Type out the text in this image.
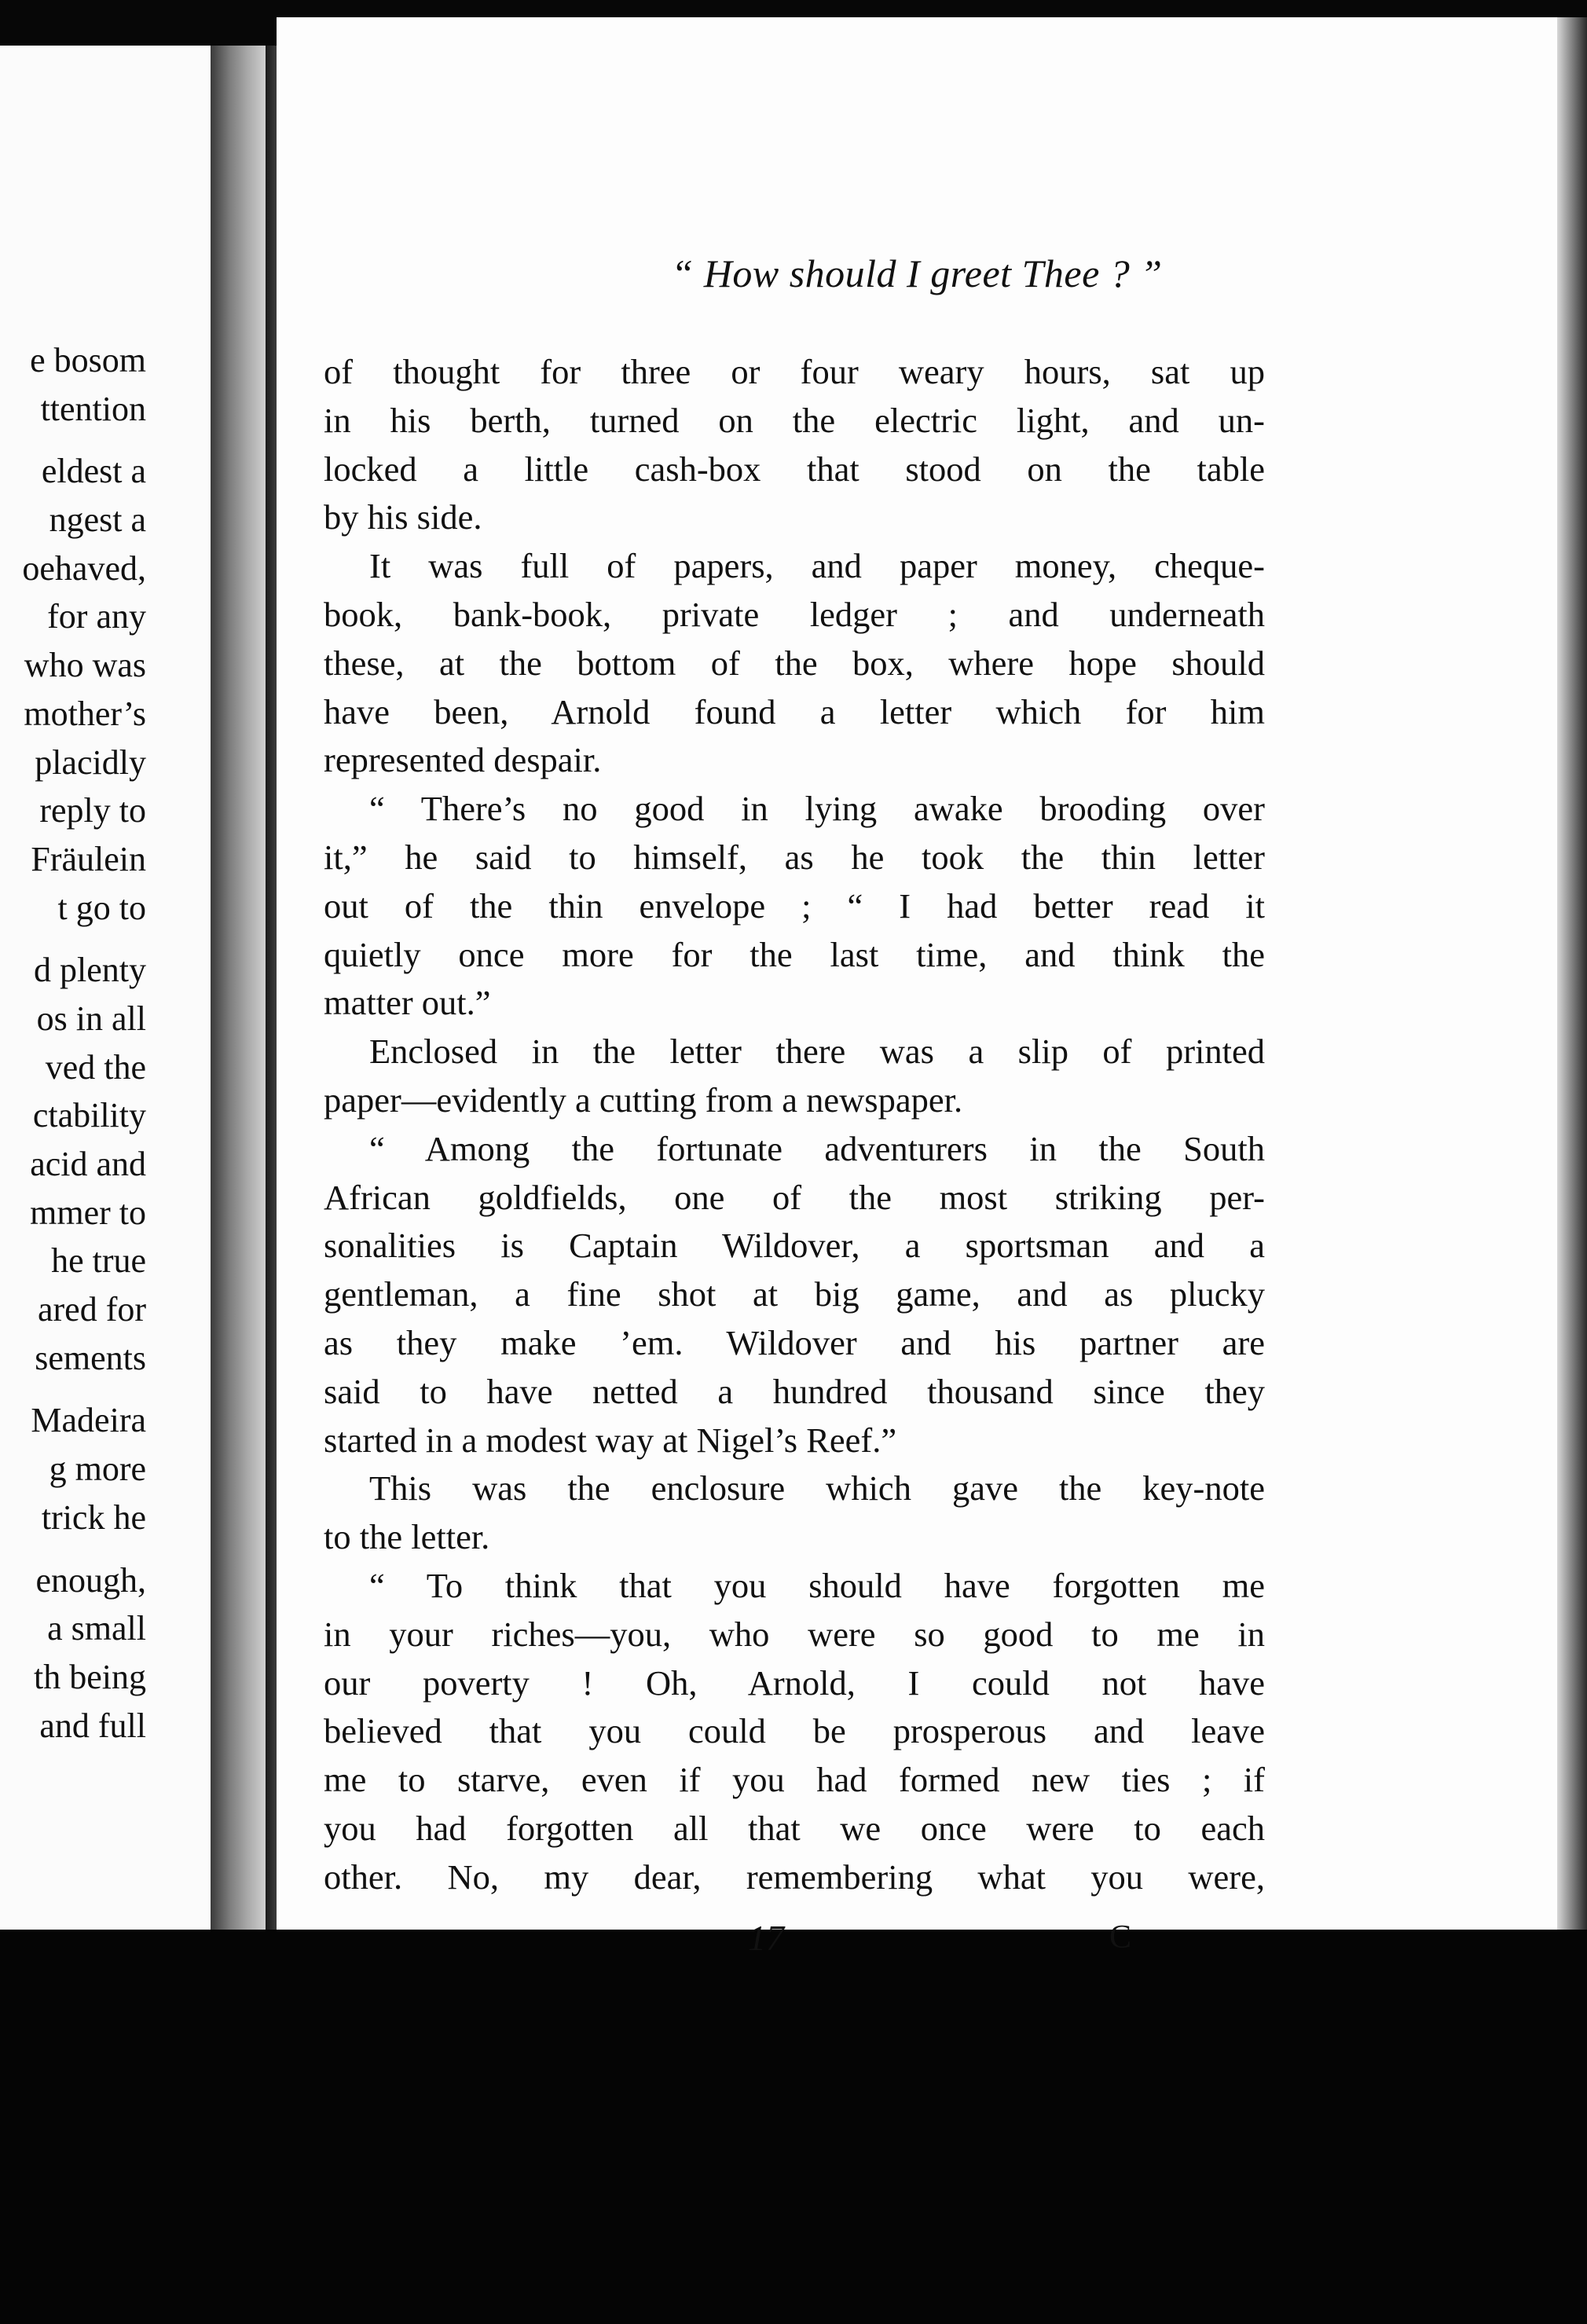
e bosom
ttention
eldest a
ngest a
oehaved,
for any
who was
mother’s
placidly
reply to
Fräulein
t go to
d plenty
os in all
ved the
ctability
acid and
mmer to
he true
ared for
sements
Madeira
g more
trick he
enough,
a small
th being
and full
“ How should I greet Thee ? ”
of thought for three or four weary hours, sat up
in his berth, turned on the electric light, and un-
locked a little cash-box that stood on the table
by his side.
It was full of papers, and paper money, cheque-
book, bank-book, private ledger ; and underneath
these, at the bottom of the box, where hope should
have been, Arnold found a letter which for him
represented despair.
“ There’s no good in lying awake brooding over
it,” he said to himself, as he took the thin letter
out of the thin envelope ; “ I had better read it
quietly once more for the last time, and think the
matter out.”
Enclosed in the letter there was a slip of printed
paper—evidently a cutting from a newspaper.
“ Among the fortunate adventurers in the South
African goldfields, one of the most striking per-
sonalities is Captain Wildover, a sportsman and a
gentleman, a fine shot at big game, and as plucky
as they make ’em. Wildover and his partner are
said to have netted a hundred thousand since they
started in a modest way at Nigel’s Reef.”
This was the enclosure which gave the key-note
to the letter.
“ To think that you should have forgotten me
in your riches—you, who were so good to me in
our poverty ! Oh, Arnold, I could not have
believed that you could be prosperous and leave
me to starve, even if you had formed new ties ; if
you had forgotten all that we once were to each
other. No, my dear, remembering what you were,
17	C
